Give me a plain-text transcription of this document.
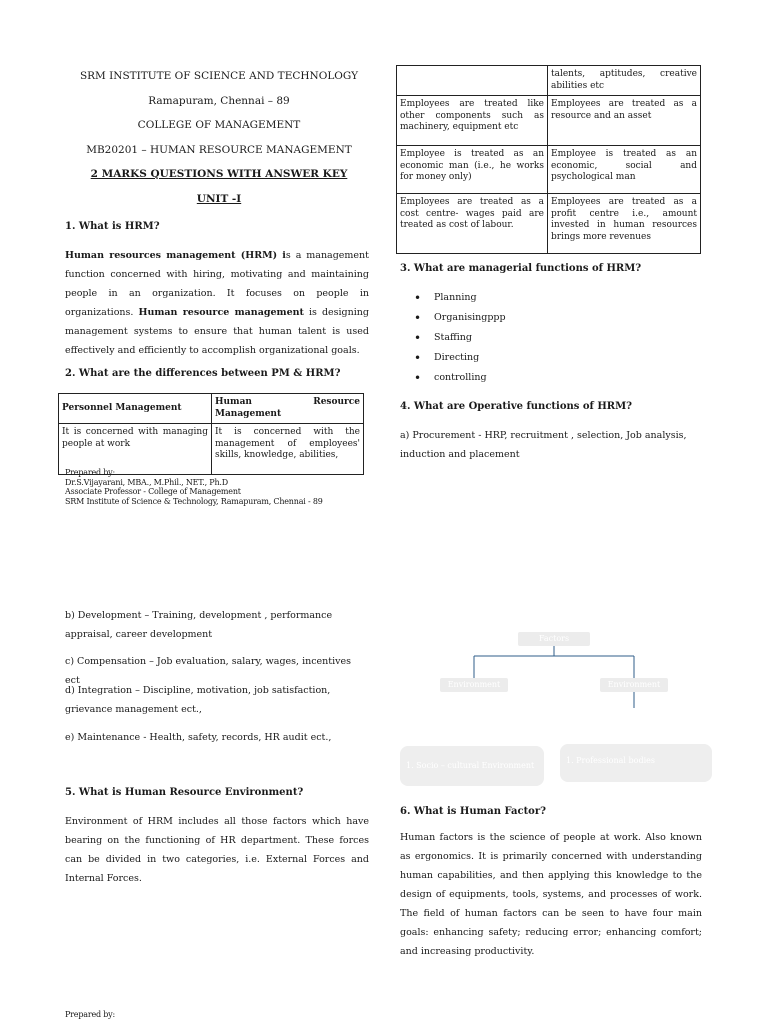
SRM INSTITUTE OF SCIENCE AND TECHNOLOGY
Ramapuram, Chennai – 89
COLLEGE OF MANAGEMENT
MB20201 – HUMAN RESOURCE MANAGEMENT
2 MARKS QUESTIONS WITH ANSWER KEY
UNIT -I
1. What is HRM?

Human resources management (HRM) is a management function concerned with hiring, motivating and maintaining people in an organization. It focuses on people in organizations. Human resource management is designing management systems to ensure that human talent is used effectively and efficiently to accomplish organizational goals.

2. What are the differences between PM & HRM?
Personnel Management	Human Resource Management
It is concerned with managing people at work	It is concerned with the management of employees' skills, knowledge, abilities,
Prepared by:
Dr.S.Vijayarani, MBA., M.Phil., NET., Ph.D
Associate Professor - College of Management
SRM Institute of Science & Technology, Ramapuram, Chennai - 89
	talents, aptitudes, creative abilities etc
Employees are treated like other components such as machinery, equipment etc	Employees are treated as a resource and an asset
Employee is treated as an economic man (i.e., he works for money only)	Employee is treated as an economic, social and psychological man
Employees are treated as a cost centre- wages paid are treated as cost of labour.	Employees are treated as a profit centre i.e., amount invested in human resources brings more revenues
3. What are managerial functions of HRM?
• Planning
• Organisingppp
• Staffing
• Directing
• controlling
4. What are Operative functions of HRM?

a) Procurement - HRP, recruitment , selection, Job analysis, induction and placement

b) Development – Training, development , performance appraisal, career development

c) Compensation – Job evaluation, salary, wages, incentives ect

d) Integration – Discipline, motivation, job satisfaction, grievance management ect.,

e) Maintenance - Health, safety, records, HR audit ect.,

5. What is Human Resource Environment?

Environment of HRM includes all those factors which have bearing on the functioning of HR department. These forces can be divided in two categories, i.e. External Forces and Internal Forces.

Factors
Environment	Environment
1. Socio – cultural Environment
1. Professional bodies
6. What is Human Factor?

Human factors is the science of people at work. Also known as ergonomics. It is primarily concerned with understanding human capabilities, and then applying this knowledge to the design of equipments, tools, systems, and processes of work. The field of human factors can be seen to have four main goals: enhancing safety; reducing error; enhancing comfort; and increasing productivity.

Prepared by:
